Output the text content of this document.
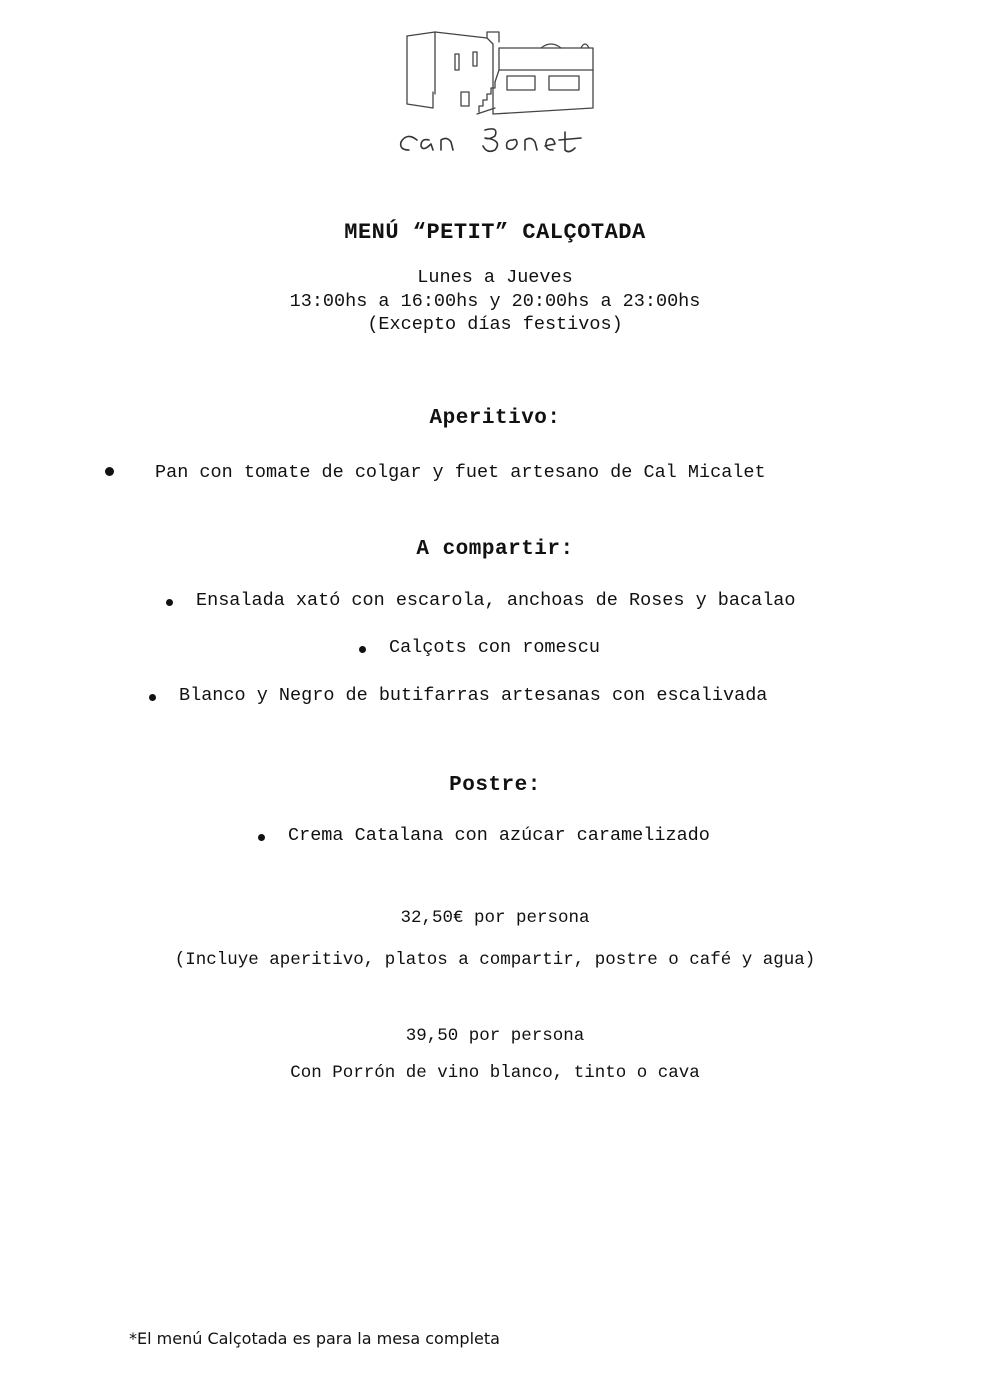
MENÚ “PETIT” CALÇOTADA
Lunes a Jueves
13:00hs a 16:00hs y 20:00hs a 23:00hs
(Excepto días festivos)
Aperitivo:
Pan con tomate de colgar y fuet artesano de Cal Micalet
A compartir:
Ensalada xató con escarola, anchoas de Roses y bacalao
Calçots con romescu
Blanco y Negro de butifarras artesanas con escalivada
Postre:
Crema Catalana con azúcar caramelizado
32,50€ por persona
(Incluye aperitivo, platos a compartir, postre o café y agua)
39,50 por persona
Con Porrón de vino blanco, tinto o cava
*El menú Calçotada es para la mesa completa
